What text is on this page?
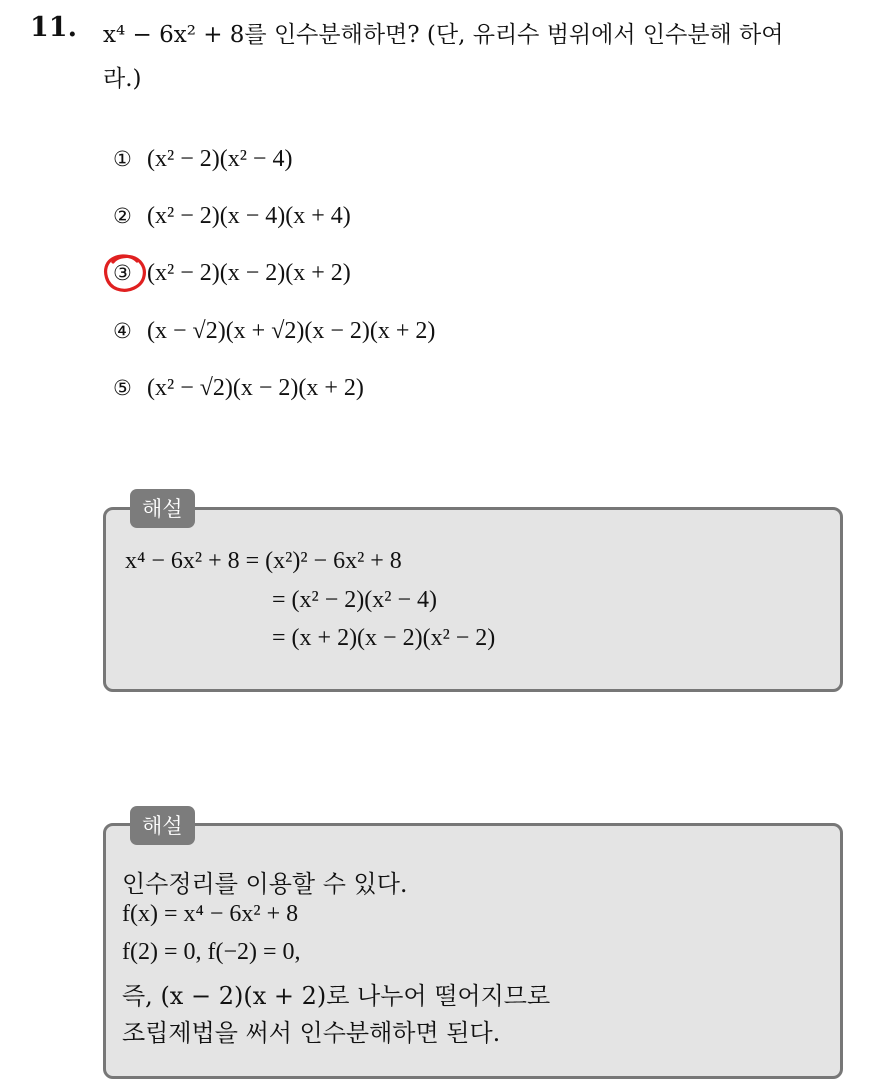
11. x⁴ − 6x² + 8를 인수분해하면? (단, 유리수 범위에서 인수분해 하여
라.)
① (x² − 2)(x² − 4)
② (x² − 2)(x − 4)(x + 4)
③ (x² − 2)(x − 2)(x + 2)
④ (x − √2)(x + √2)(x − 2)(x + 2)
⑤ (x² − √2)(x − 2)(x + 2)
해설
x⁴ − 6x² + 8 = (x²)² − 6x² + 8
= (x² − 2)(x² − 4)
= (x + 2)(x − 2)(x² − 2)
해설
인수정리를 이용할 수 있다.
f(x) = x⁴ − 6x² + 8
f(2) = 0, f(−2) = 0,
즉, (x − 2)(x + 2)로 나누어 떨어지므로
조립제법을 써서 인수분해하면 된다.
